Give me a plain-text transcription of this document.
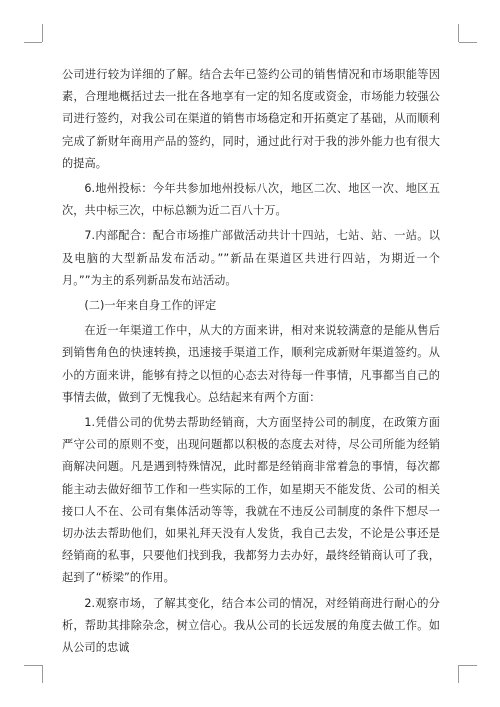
公司进行较为详细的了解。结合去年已签约公司的销售情况和市场职能等因素，合理地概括过去一批在各地享有一定的知名度或资金，市场能力较强公司进行签约，对我公司在渠道的销售市场稳定和开拓奠定了基础，从而顺利完成了新财年商用产品的签约，同时，通过此行对于我的涉外能力也有很大的提高。

6.地州投标：今年共参加地州投标八次，地区二次、地区一次、地区五次，共中标三次，中标总额为近二百八十万。

7.内部配合：配合市场推广部做活动共计十四站，七站、站、一站。以及电脑的大型新品发布活动。””新品在渠道区共进行四站，为期近一个月。””为主的系列新品发布站活动。

(二)一年来自身工作的评定

在近一年渠道工作中，从大的方面来讲，相对来说较满意的是能从售后到销售角色的快速转换，迅速接手渠道工作，顺利完成新财年渠道签约。从小的方面来讲，能够有持之以恒的心态去对待每一件事情，凡事都当自己的事情去做，做到了无愧我心。总结起来有两个方面：

1.凭借公司的优势去帮助经销商，大方面坚持公司的制度，在政策方面严守公司的原则不变，出现问题都以积极的态度去对待，尽公司所能为经销商解决问题。凡是遇到特殊情况，此时都是经销商非常着急的事情，每次都能主动去做好细节工作和一些实际的工作，如星期天不能发货、公司的相关接口人不在、公司有集体活动等等，我就在不违反公司制度的条件下想尽一切办法去帮助他们，如果礼拜天没有人发货，我自己去发，不论是公事还是经销商的私事，只要他们找到我，我都努力去办好，最终经销商认可了我，起到了“桥梁”的作用。

2.观察市场，了解其变化，结合本公司的情况，对经销商进行耐心的分析，帮助其排除杂念，树立信心。我从公司的长远发展的角度去做工作。如从公司的忠诚
